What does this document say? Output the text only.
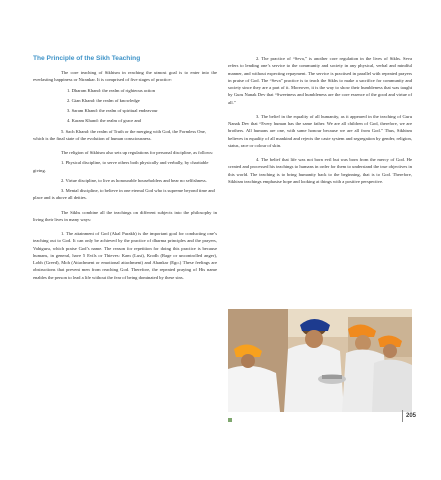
The Principle of the Sikh Teaching

The core teaching of Sikhism in reaching the utmost goal is to enter into the everlasting happiness or Nirankar. It is comprised of five stages of practice:

1. Dharam Khand: the realm of righteous action
2. Gian Khand: the realm of knowledge
3. Saram Khand: the realm of spiritual endeavour
4. Karam Khand: the realm of grace and
5. Sach Khand: the realm of Truth or the merging with God, the Formless One, which is the final state of the evolution of human consciousness.

The religion of Sikhism also sets up regulations for personal discipline, as follows:

1. Physical discipline, to serve others both physically and verbally, by charitable giving.
2. Virtue discipline, to live as honourable householders and bear no selfishness.
3. Mental discipline, to believe in one eternal God who is supreme beyond time and place and is above all deities.

The Sikhs combine all the teachings on different subjects into the philosophy in living their lives in many ways:

1. The attainment of God (Akal Purakh) is the important goal for conducting one’s teaching out to God. It can only be achieved by the practice of dharma principles and the prayers, Vahiguru, which praise God’s name. The reason for repetition for doing this practice is because humans, in general, have 5 Evils or Thieves: Kam (Lust), Krodh (Rage or uncontrolled anger), Lobh (Greed), Moh (Attachment or emotional attachment) and Ahankar (Ego.) These feelings are obstructions that prevent men from reaching God. Therefore, the repeated praying of His name enables the person to lead a life without the fear of being dominated by these sins.

2. The practice of “Seva,” is another core regulation in the lives of Sikhs. Seva refers to lending one’s service to the community and society in any physical, verbal and mindful manner, and without expecting repayment. The service is practised in parallel with repeated prayers in praise of God. The “Seva” practice is to teach the Sikhs to make a sacrifice for community and society since they are a part of it. Moreover, it is the way to show their humbleness that was taught by Guru Nanak Dev that “Sweetness and humbleness are the core essence of the good and virtue of all.”

3. The belief in the equality of all humanity, as it appeared in the teaching of Guru Nanak Dev that “Every human has the same father. We are all children of God, therefore, we are brothers. All humans are one, with same honour because we are all from God.” Thus, Sikhism believes in equality of all mankind and rejects the caste system and segregation by gender, religion, status, race or colour of skin.

4. The belief that life was not born evil but was born from the mercy of God. He created and processed his teachings to humans in order for them to understand the true objectives in this world. The teaching is to bring humanity back to the beginning, that is to God. Therefore, Sikhism teachings emphasise hope and looking at things with a positive perspective.

205
